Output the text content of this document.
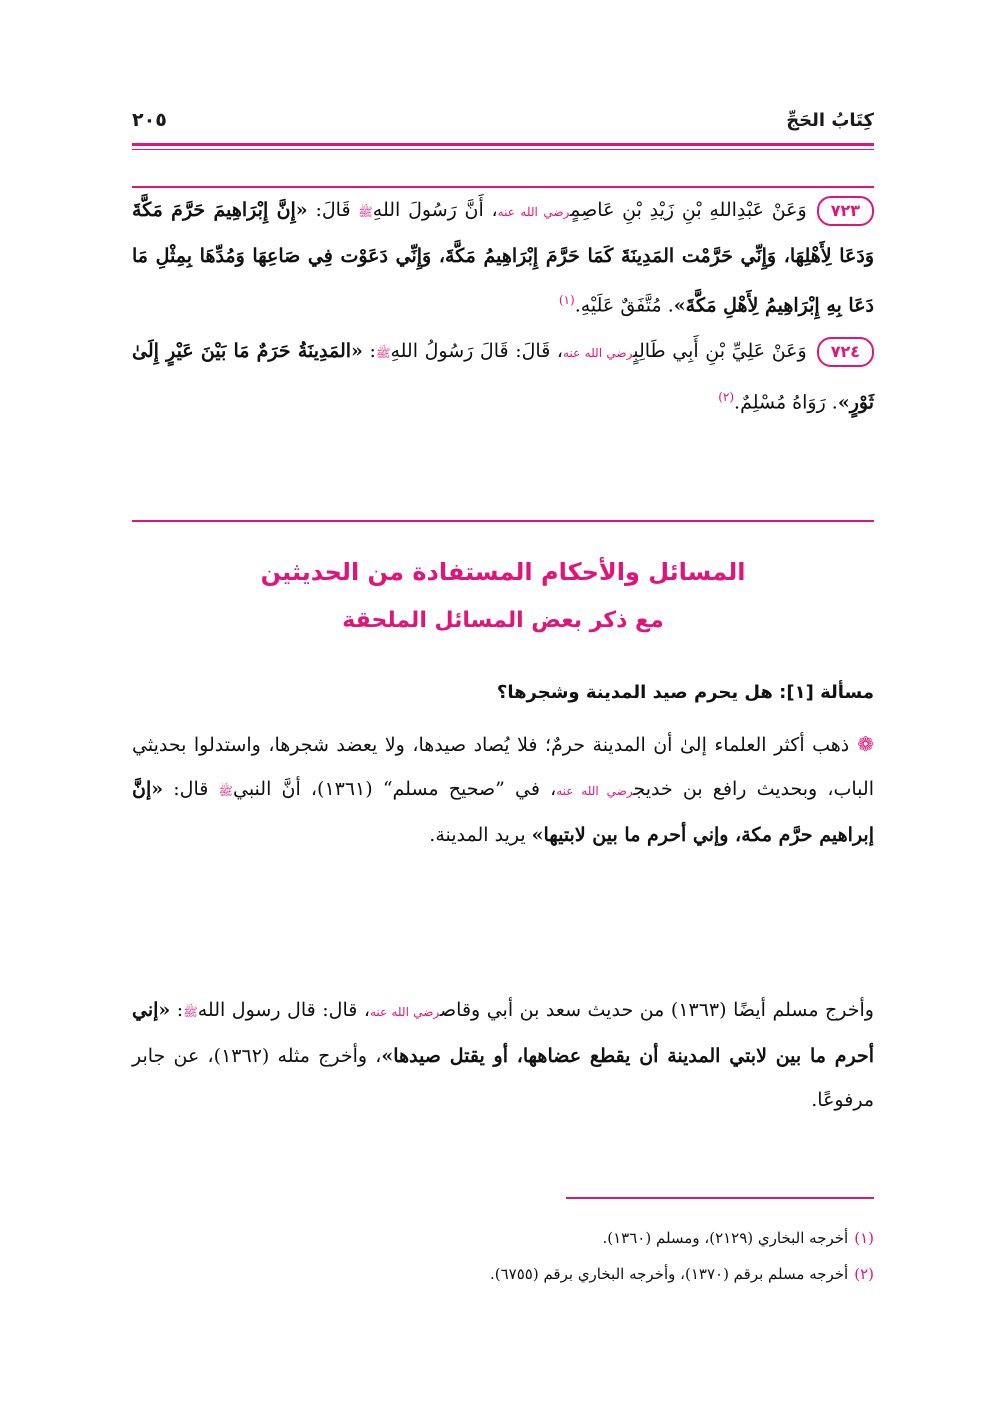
كِتَابُ الحَجِّ
٢٠٥

٧٢٣وَعَنْ عَبْدِاللهِ بْنِ زَيْدِ بْنِ عَاصِمٍرضي الله عنه، أَنَّ رَسُولَ اللهِﷺ قَالَ: «إِنَّ إِبْرَاهِيمَ حَرَّمَ مَكَّةَ وَدَعَا لِأَهْلِهَا، وَإِنِّي حَرَّمْت المَدِينَةَ كَمَا حَرَّمَ إِبْرَاهِيمُ مَكَّةَ، وَإِنِّي دَعَوْت فِي صَاعِهَا وَمُدِّهَا بِمِثْلِ مَا دَعَا بِهِ إِبْرَاهِيمُ لِأَهْلِ مَكَّةَ». مُتَّفَقٌ عَلَيْهِ.$^{(١)}$

٧٢٤وَعَنْ عَلِيِّ بْنِ أَبِي طَالِبٍرضي الله عنه، قَالَ: قَالَ رَسُولُ اللهِﷺ: «المَدِينَةُ حَرَمٌ مَا بَيْنَ عَيْرٍ إِلَىٰ ثَوْرٍ». رَوَاهُ مُسْلِمٌ.$^{(٢)}$

المسائل والأحكام المستفادة من الحديثين
مع ذكر بعض المسائل الملحقة
مسألة [١]: هل يحرم صيد المدينة وشجرها؟

❁ذهب أكثر العلماء إلىٰ أن المدينة حرمٌ؛ فلا يُصاد صيدها، ولا يعضد شجرها، واستدلوا بحديثي الباب، وبحديث رافع بن خديجرضي الله عنه، في ”صحيح مسلم“ (١٣٦١)، أنَّ النبيﷺ قال: «إنَّ إبراهيم حرَّم مكة، وإني أحرم ما بين لابتيها» يريد المدينة.

وأخرج مسلم أيضًا (١٣٦٣) من حديث سعد بن أبي وقاصرضي الله عنه، قال: قال رسول اللهﷺ: «إني أحرم ما بين لابتي المدينة أن يقطع عضاهها، أو يقتل صيدها»، وأخرج مثله (١٣٦٢)، عن جابر مرفوعًا.

(١)أخرجه البخاري (٢١٢٩)، ومسلم (١٣٦٠).
(٢)أخرجه مسلم برقم (١٣٧٠)، وأخرجه البخاري برقم (٦٧٥٥).
